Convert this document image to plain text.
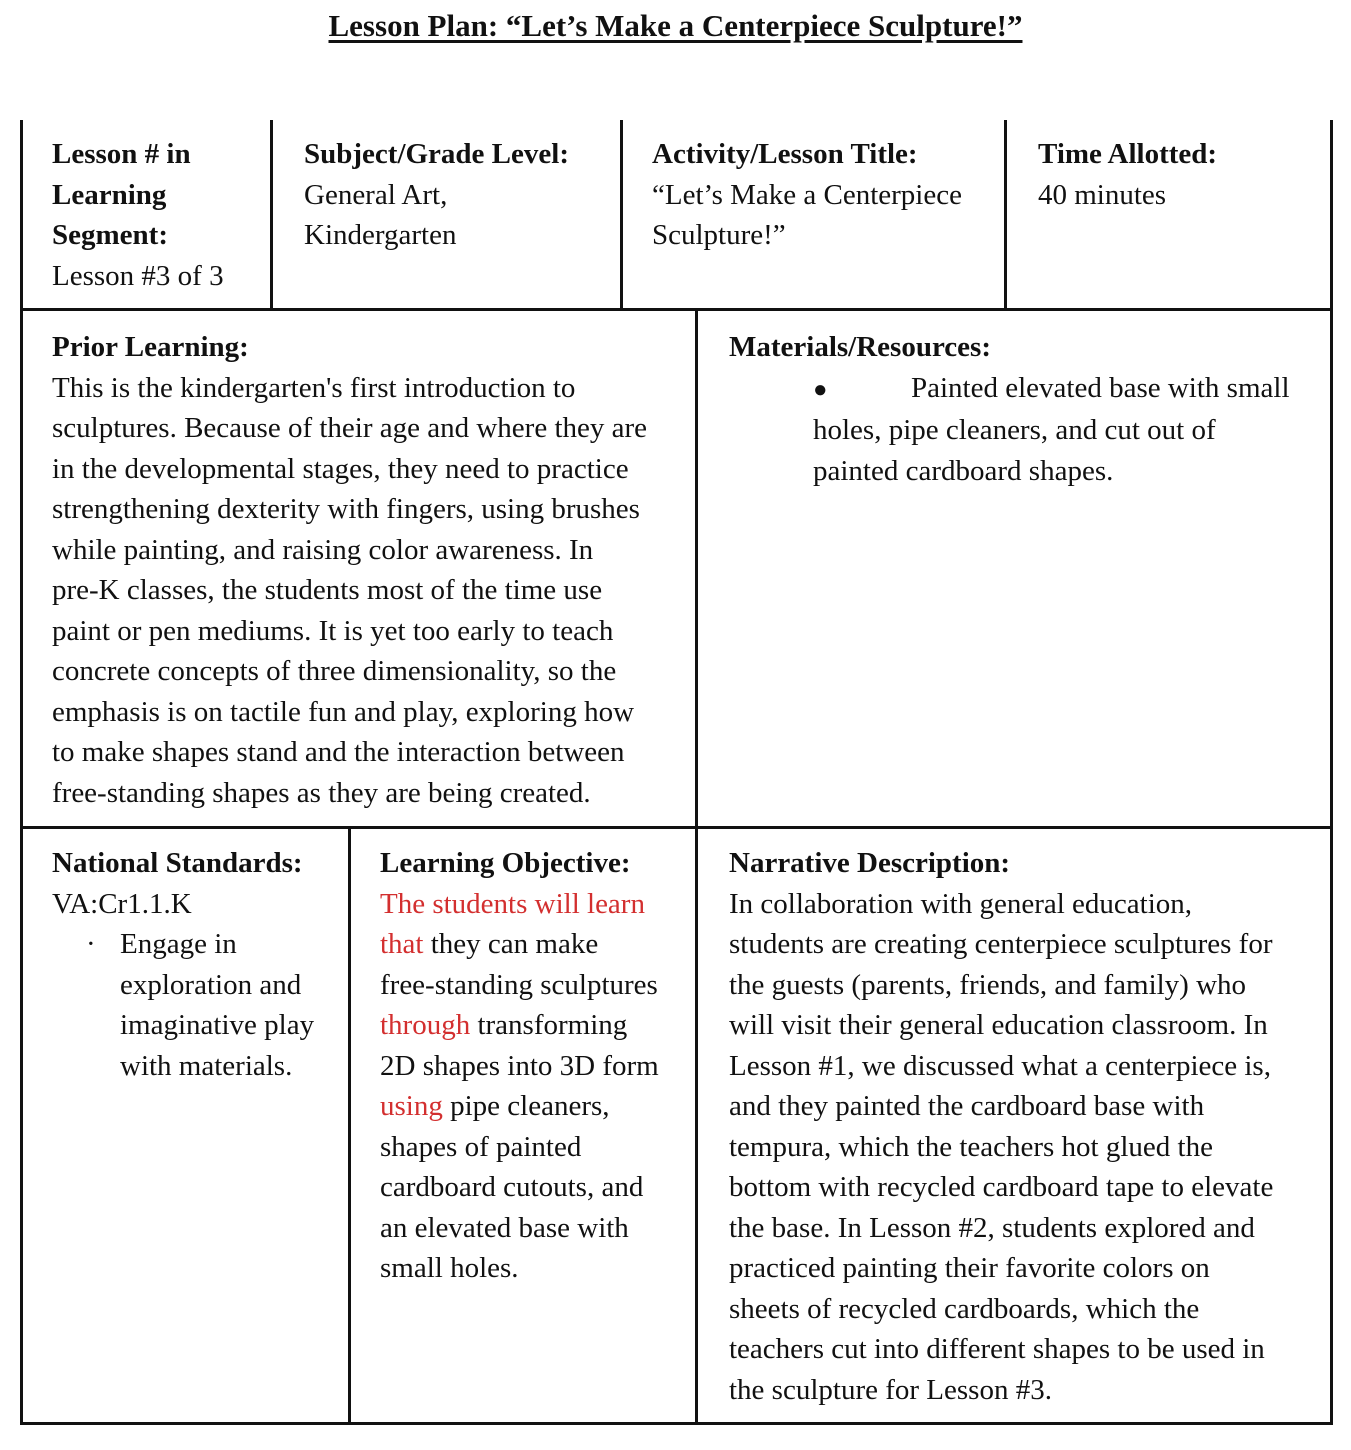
Lesson Plan: “Let’s Make a Centerpiece Sculpture!”
Lesson # in
Learning
Segment:
Lesson #3 of 3
Subject/Grade Level:
General Art,
Kindergarten
Activity/Lesson Title:
“Let’s Make a Centerpiece
Sculpture!”
Time Allotted:
40 minutes
Prior Learning:
This is the kindergarten's first introduction to
sculptures. Because of their age and where they are
in the developmental stages, they need to practice
strengthening dexterity with fingers, using brushes
while painting, and raising color awareness. In
pre-K classes, the students most of the time use
paint or pen mediums. It is yet too early to teach
concrete concepts of three dimensionality, so the
emphasis is on tactile fun and play, exploring how
to make shapes stand and the interaction between
free-standing shapes as they are being created.
Materials/Resources:
●	Painted elevated base with small
holes, pipe cleaners, and cut out of
painted cardboard shapes.
National Standards:
VA:Cr1.1.K
· Engage in
exploration and
imaginative play
with materials.
Learning Objective:
The students will learn
that they can make
free-standing sculptures
through transforming
2D shapes into 3D form
using pipe cleaners,
shapes of painted
cardboard cutouts, and
an elevated base with
small holes.
Narrative Description:
In collaboration with general education,
students are creating centerpiece sculptures for
the guests (parents, friends, and family) who
will visit their general education classroom. In
Lesson #1, we discussed what a centerpiece is,
and they painted the cardboard base with
tempura, which the teachers hot glued the
bottom with recycled cardboard tape to elevate
the base. In Lesson #2, students explored and
practiced painting their favorite colors on
sheets of recycled cardboards, which the
teachers cut into different shapes to be used in
the sculpture for Lesson #3.
